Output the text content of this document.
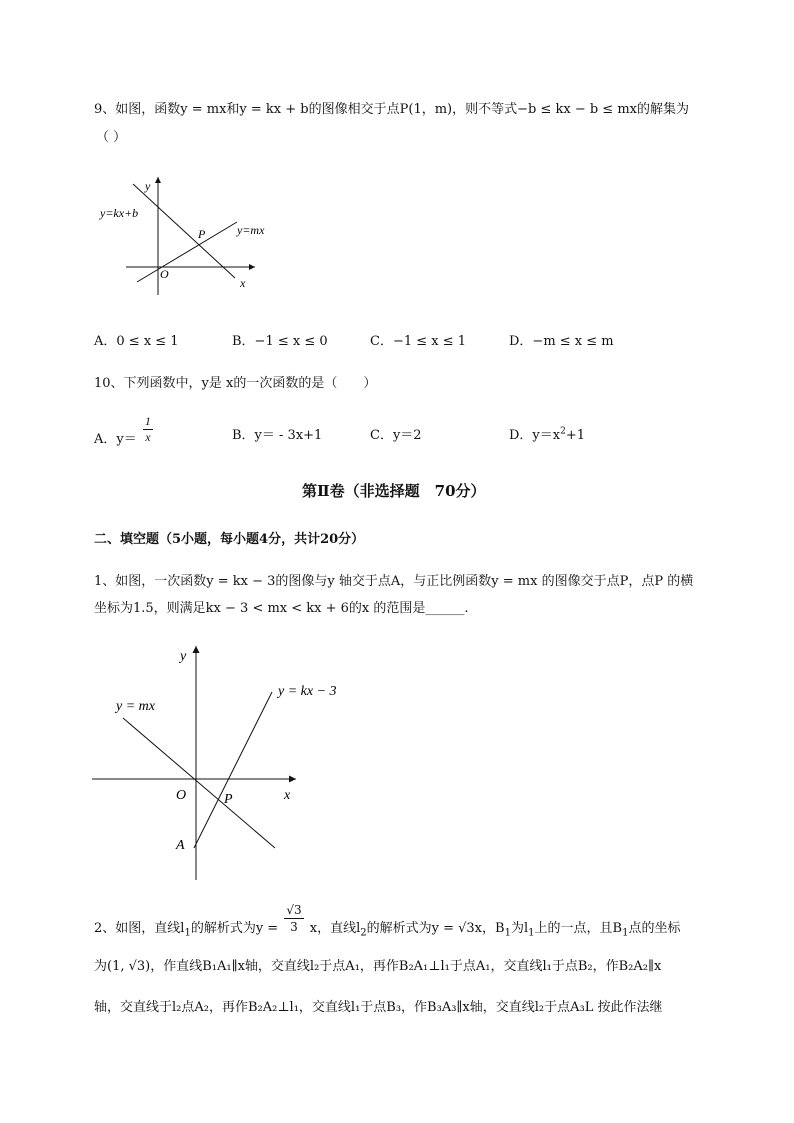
9、如图，函数y = mx和y = kx + b的图像相交于点P(1，m)，则不等式−b ≤ kx − b ≤ mx的解集为
（ ）
y
x
O
P
y=kx+b
y=mx
A．0 ≤ x ≤ 1	B．−1 ≤ x ≤ 0	C．−1 ≤ x ≤ 1	D．−m ≤ x ≤ m
10、下列函数中，y是 x的一次函数的是（　　）
A．$y= \frac{1}{x}$	B．y＝ - 3x+1	C．y＝2	D．$y=x^2+1$
第Ⅱ卷（非选择题　70分）
二、填空题（5小题，每小题4分，共计20分）
1、如图，一次函数y = kx − 3的图像与y 轴交于点A，与正比例函数y = mx 的图像交于点P，点P 的横
坐标为1.5，则满足kx − 3 < mx < kx + 6的x 的范围是______.
y
x
O	P
A
y = kx − 3
y = mx
2、如图，直线$l_1$的解析式为$y = \frac{√3}{3}$ x，直线$l_2$的解析式为y = √3x，$B_1$为$l_1$上的一点，且$B_1$点的坐标
为(1, √3)，作直线B₁A₁∥x轴，交直线l₂于点A₁，再作B₂A₁⊥l₁于点A₁，交直线l₁于点B₂，作B₂A₂∥x
轴，交直线于l₂点A₂，再作B₂A₂⊥l₁，交直线l₁于点B₃，作B₃A₃∥x轴，交直线l₂于点A₃L 按此作法继
